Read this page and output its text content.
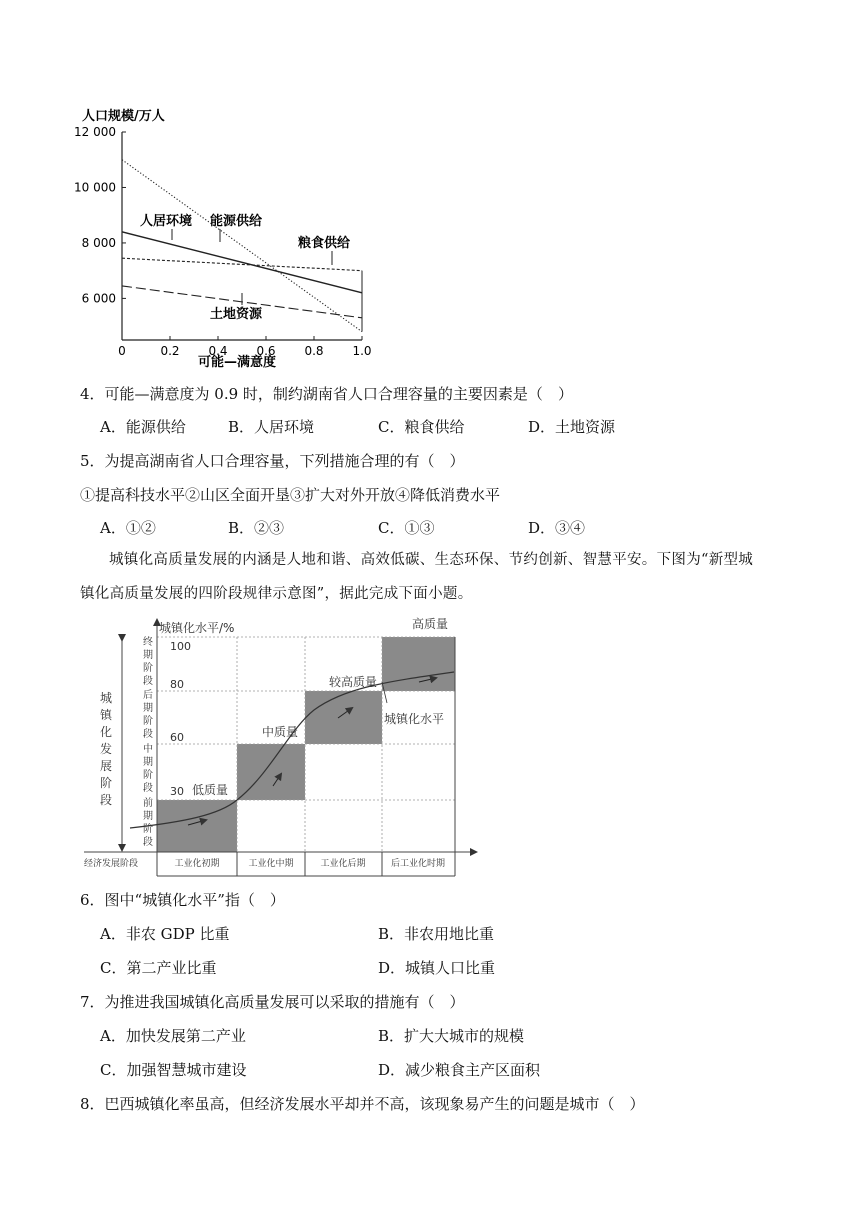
人口规模/万人
6 000
8 000
10 000
12 000
0	0.2 0.4 0.6 0.8 1.0
人居环境 能源供给
粮食供给
土地资源
可能—满意度
4．可能—满意度为 0.9 时，制约湖南省人口合理容量的主要因素是（　）
A．能源供给	B．人居环境	C．粮食供给	D．土地资源
5．为提高湖南省人口合理容量，下列措施合理的有（　）
①提高科技水平②山区全面开垦③扩大对外开放④降低消费水平
A．①②	B．②③	C．①③	D．③④

城镇化高质量发展的内涵是人地和谐、高效低碳、生态环保、节约创新、智慧平安。下图为“新型城

镇化高质量发展的四阶段规律示意图”，据此完成下面小题。

城镇化水平/%	高质量
100
80
60
30 低质量
中质量
较高质量
城镇化水平
城镇化发展阶段	前期阶段
中期阶段
后期阶段
终期阶段
经济发展阶段	工业化初期	工业化中期	工业化后期	后工业化时期
6．图中“城镇化水平”指（　）
A．非农 GDP 比重	B．非农用地比重
C．第二产业比重	D．城镇人口比重
7．为推进我国城镇化高质量发展可以采取的措施有（　）
A．加快发展第二产业	B．扩大大城市的规模
C．加强智慧城市建设	D．减少粮食主产区面积
8．巴西城镇化率虽高，但经济发展水平却并不高，该现象易产生的问题是城市（　）
